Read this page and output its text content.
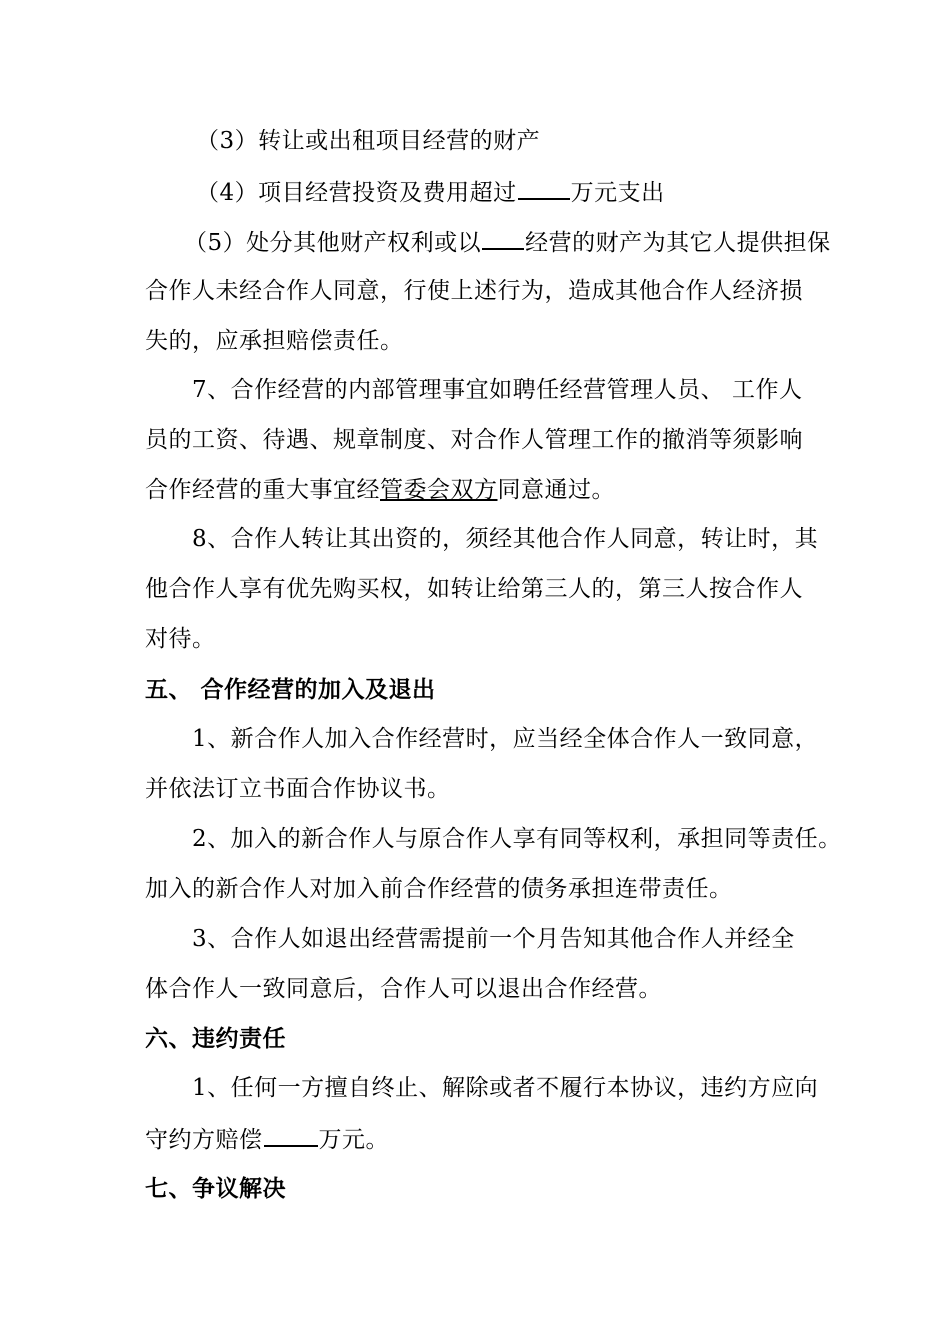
（3）转让或出租项目经营的财产
（4）项目经营投资及费用超过 万元支出
（5）处分其他财产权利或以 经营的财产为其它人提供担保
合作人未经合作人同意，行使上述行为，造成其他合作人经济损
失的，应承担赔偿责任。
7、合作经营的内部管理事宜如聘任经营管理人员、 工作人
员的工资、待遇、规章制度、对合作人管理工作的撤消等须影响
合作经营的重大事宜经管委会双方同意通过。
8、合作人转让其出资的，须经其他合作人同意，转让时，其
他合作人享有优先购买权，如转让给第三人的，第三人按合作人
对待。
五、 合作经营的加入及退出
1、新合作人加入合作经营时，应当经全体合作人一致同意，
并依法订立书面合作协议书。
2、加入的新合作人与原合作人享有同等权利，承担同等责任。
加入的新合作人对加入前合作经营的债务承担连带责任。
3、合作人如退出经营需提前一个月告知其他合作人并经全
体合作人一致同意后，合作人可以退出合作经营。
六、违约责任
1、任何一方擅自终止、解除或者不履行本协议，违约方应向
守约方赔偿 万元。
七、争议解决
